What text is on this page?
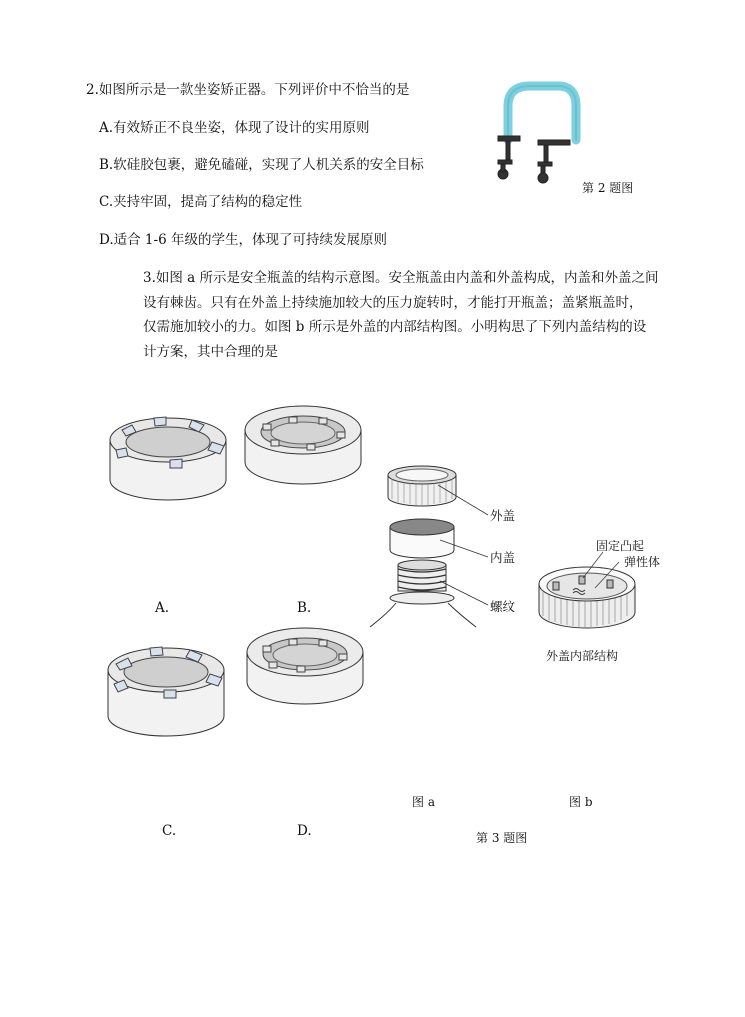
2.如图所示是一款坐姿矫正器。下列评价中不恰当的是
A.有效矫正不良坐姿，体现了设计的实用原则
B.软硅胶包裹，避免磕碰，实现了人机关系的安全目标
C.夹持牢固，提高了结构的稳定性
D.适合 1-6 年级的学生，体现了可持续发展原则
第 2 题图
3.如图 a 所示是安全瓶盖的结构示意图。安全瓶盖由内盖和外盖构成，内盖和外盖之间
设有棘齿。只有在外盖上持续施加较大的压力旋转时，才能打开瓶盖；盖紧瓶盖时，
仅需施加较小的力。如图 b 所示是外盖的内部结构图。小明构思了下列内盖结构的设
计方案，其中合理的是
A.	B.
C.	D.
外盖
内盖
螺纹
固定凸起
弹性体
外盖内部结构
图 a	图 b
第 3 题图
